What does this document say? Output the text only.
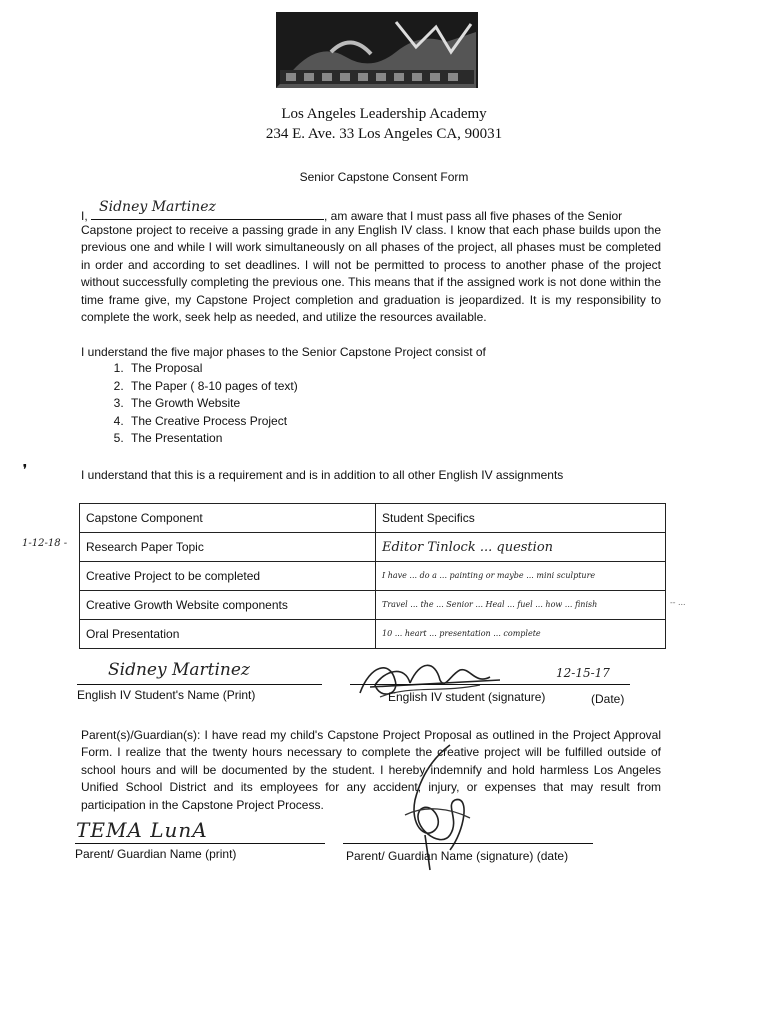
Los Angeles Leadership Academy
234 E. Ave. 33 Los Angeles CA, 90031
Senior Capstone Consent Form
I,
Sidney Martinez
, am aware that I must pass all five phases of the Senior
Capstone project to receive a passing grade in any English IV class. I know that each phase builds upon the previous one and while I will work simultaneously on all phases of the project, all phases must be completed in order and according to set deadlines. I will not be permitted to process to another phase of the project without successfully completing the previous one. This means that if the assigned work is not done within the time frame give, my Capstone Project completion and graduation is jeopardized. It is my responsibility to complete the work, seek help as needed, and utilize the resources available.
I understand the five major phases to the Senior Capstone Project consist of
1. The Proposal
2. The Paper ( 8-10 pages of text)
3. The Growth Website
4. The Creative Process Project
5. The Presentation
❜	I understand that this is a requirement and is in addition to all other English IV assignments
1-12-18 -
-- ...
Capstone Component	Student Specifics
Research Paper Topic	Editor Tinlock ... question
Creative Project to be completed	I have ... do a ... painting or maybe ... mini sculpture
Creative Growth Website components	Travel ... the ... Senior ... Heal ... fuel ... how ... finish
Oral Presentation	10 ... heart ... presentation ... complete
Sidney Martinez
English IV Student's Name (Print)
12-15-17
English IV student (signature)	(Date)
Parent(s)/Guardian(s): I have read my child's Capstone Project Proposal as outlined in the Project Approval Form. I realize that the twenty hours necessary to complete the creative project will be fulfilled outside of school hours and will be documented by the student. I hereby indemnify and hold harmless Los Angeles Unified School District and its employees for any accident, injury, or expenses that may result from participation in the Capstone Project Process.
TEMA LunA
Parent/ Guardian Name (print)	Parent/ Guardian Name (signature) (date)
